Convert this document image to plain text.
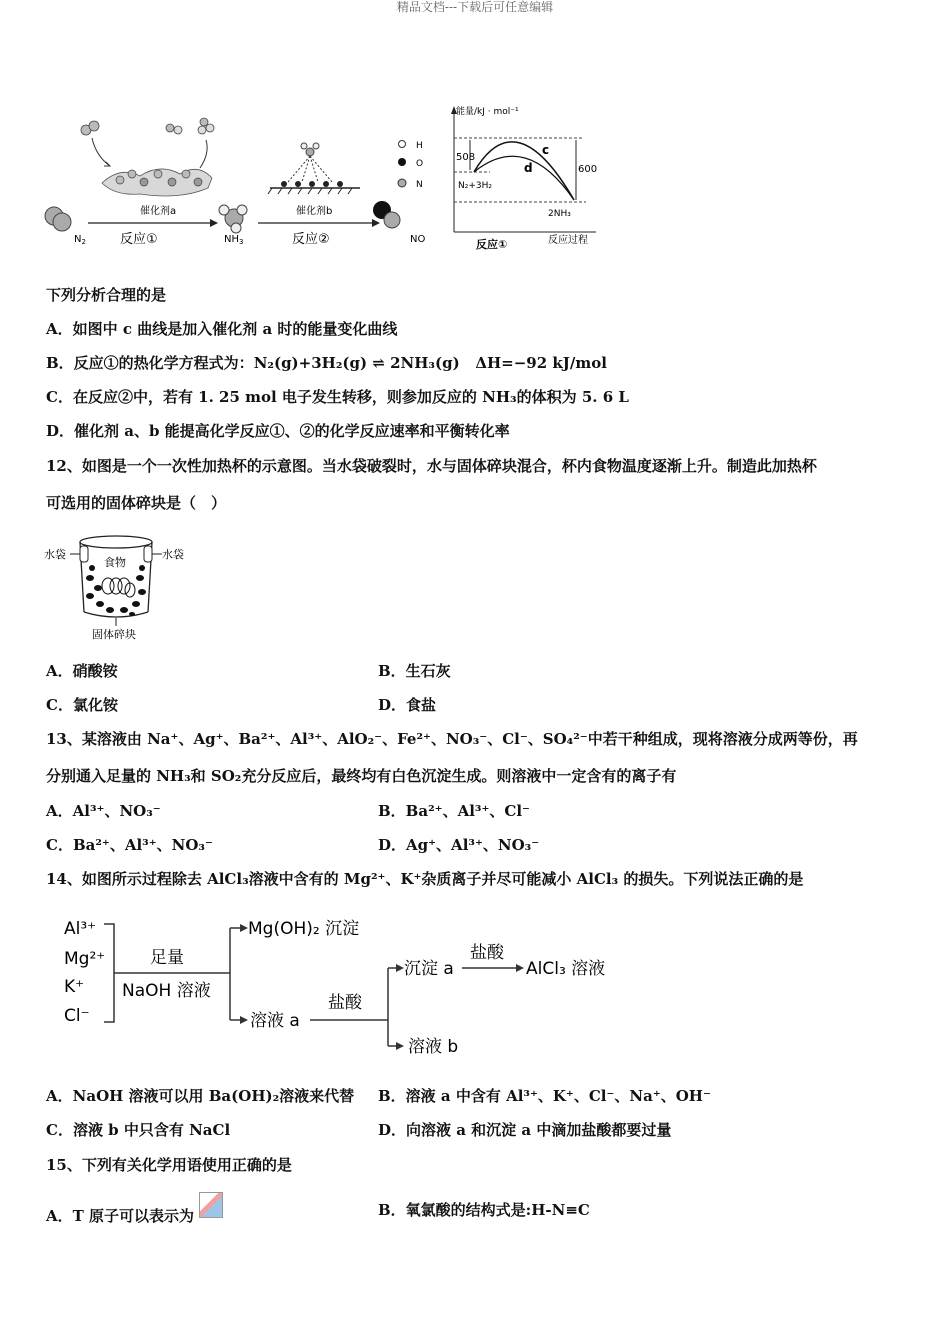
精品文档---下载后可任意编辑
$N_2$
催化剂a
反应①	$NH_3$
催化剂b
反应②	NO
H
O
N
能量/kJ · mol⁻¹
508
600
c
d
N₂+3H₂
2NH₃
反应①	反应过程
下列分析合理的是
A．如图中 c 曲线是加入催化剂 a 时的能量变化曲线
B．反应①的热化学方程式为：N₂(g)+3H₂(g) ⇌ 2NH₃(g) ΔH=−92 kJ/mol
C．在反应②中，若有 1. 25 mol 电子发生转移，则参加反应的 NH₃的体积为 5. 6 L
D．催化剂 a、b 能提高化学反应①、②的化学反应速率和平衡转化率
12、如图是一个一次性加热杯的示意图。当水袋破裂时，水与固体碎块混合，杯内食物温度逐渐上升。制造此加热杯
可选用的固体碎块是（　）
水袋	水袋
食物
固体碎块
A．硝酸铵	B．生石灰
C．氯化铵	D．食盐
13、某溶液由 Na⁺、Ag⁺、Ba²⁺、Al³⁺、AlO₂⁻、Fe²⁺、NO₃⁻、Cl⁻、SO₄²⁻中若干种组成，现将溶液分成两等份，再
分别通入足量的 NH₃和 SO₂充分反应后，最终均有白色沉淀生成。则溶液中一定含有的离子有
A．Al³⁺、NO₃⁻	B．Ba²⁺、Al³⁺、Cl⁻
C．Ba²⁺、Al³⁺、NO₃⁻	D．Ag⁺、Al³⁺、NO₃⁻
14、如图所示过程除去 AlCl₃溶液中含有的 Mg²⁺、K⁺杂质离子并尽可能减小 AlCl₃ 的损失。下列说法正确的是
Al³⁺
Mg²⁺
K⁺
Cl⁻
足量
NaOH 溶液
Mg(OH)₂ 沉淀
溶液 a
盐酸
沉淀 a
溶液 b
盐酸
AlCl₃ 溶液
A．NaOH 溶液可以用 Ba(OH)₂溶液来代替 B．溶液 a 中含有 Al³⁺、K⁺、Cl⁻、Na⁺、OH⁻
C．溶液 b 中只含有 NaCl	D．向溶液 a 和沉淀 a 中滴加盐酸都要过量
15、下列有关化学用语使用正确的是
A．T 原子可以表示为	B．氧氯酸的结构式是:H-N≡C
